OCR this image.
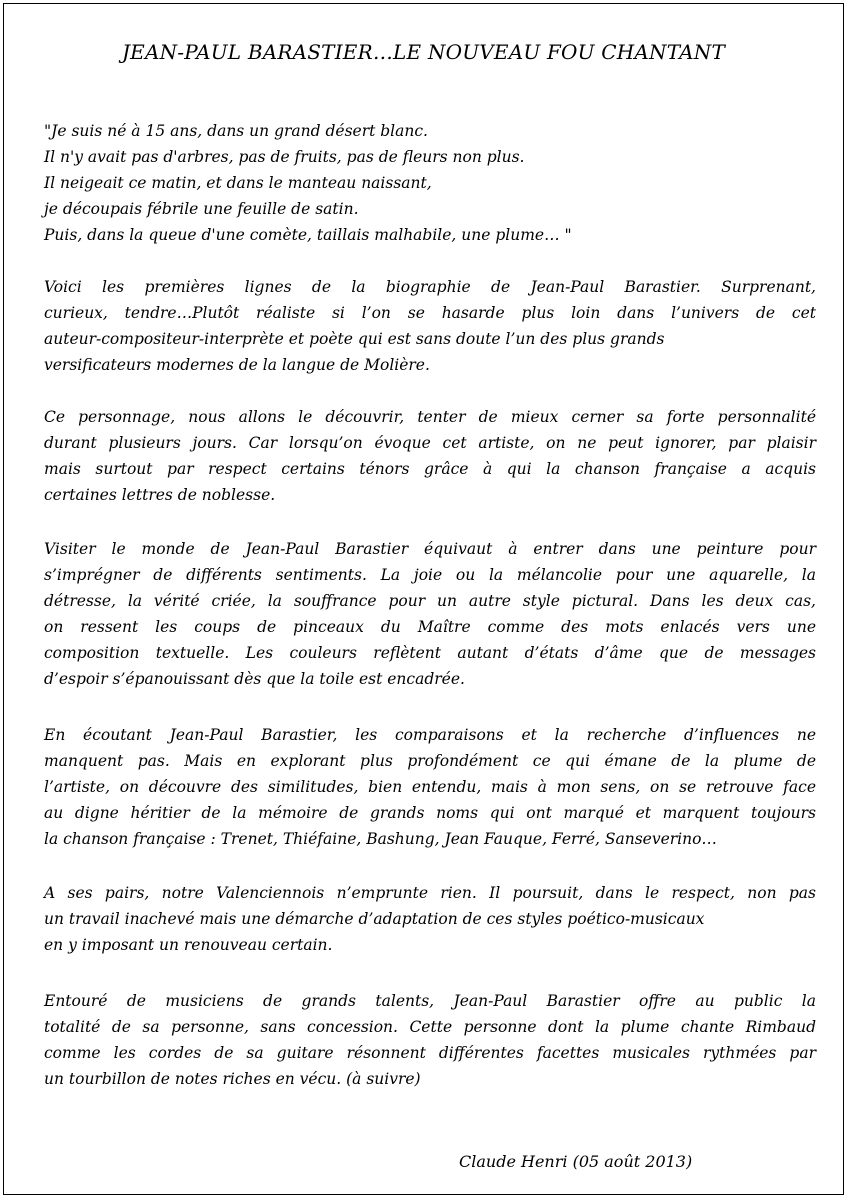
JEAN-PAUL BARASTIER…LE NOUVEAU FOU CHANTANT
"Je suis né à 15 ans, dans un grand désert blanc.
Il n'y avait pas d'arbres, pas de fruits, pas de fleurs non plus.
Il neigeait ce matin, et dans le manteau naissant,
je découpais fébrile une feuille de satin.
Puis, dans la queue d'une comète, taillais malhabile, une plume… "
Voici les premières lignes de la biographie de Jean-Paul Barastier. Surprenant,
curieux, tendre…Plutôt réaliste si l’on se hasarde plus loin dans l’univers de cet
auteur-compositeur-interprète et poète qui est sans doute l’un des plus grands
versificateurs modernes de la langue de Molière.
Ce personnage, nous allons le découvrir, tenter de mieux cerner sa forte personnalité
durant plusieurs jours. Car lorsqu’on évoque cet artiste, on ne peut ignorer, par plaisir
mais surtout par respect certains ténors grâce à qui la chanson française a acquis
certaines lettres de noblesse.
Visiter le monde de Jean-Paul Barastier équivaut à entrer dans une peinture pour
s’imprégner de différents sentiments. La joie ou la mélancolie pour une aquarelle, la
détresse, la vérité criée, la souffrance pour un autre style pictural. Dans les deux cas,
on ressent les coups de pinceaux du Maître comme des mots enlacés vers une
composition textuelle. Les couleurs reflètent autant d’états d’âme que de messages
d’espoir s’épanouissant dès que la toile est encadrée.
En écoutant Jean-Paul Barastier, les comparaisons et la recherche d’influences ne
manquent pas. Mais en explorant plus profondément ce qui émane de la plume de
l’artiste, on découvre des similitudes, bien entendu, mais à mon sens, on se retrouve face
au digne héritier de la mémoire de grands noms qui ont marqué et marquent toujours
la chanson française : Trenet, Thiéfaine, Bashung, Jean Fauque, Ferré, Sanseverino…
A ses pairs, notre Valenciennois n’emprunte rien. Il poursuit, dans le respect, non pas
un travail inachevé mais une démarche d’adaptation de ces styles poético-musicaux
en y imposant un renouveau certain.
Entouré de musiciens de grands talents, Jean-Paul Barastier offre au public la
totalité de sa personne, sans concession. Cette personne dont la plume chante Rimbaud
comme les cordes de sa guitare résonnent différentes facettes musicales rythmées par
un tourbillon de notes riches en vécu. (à suivre)
Claude Henri (05 août 2013)
